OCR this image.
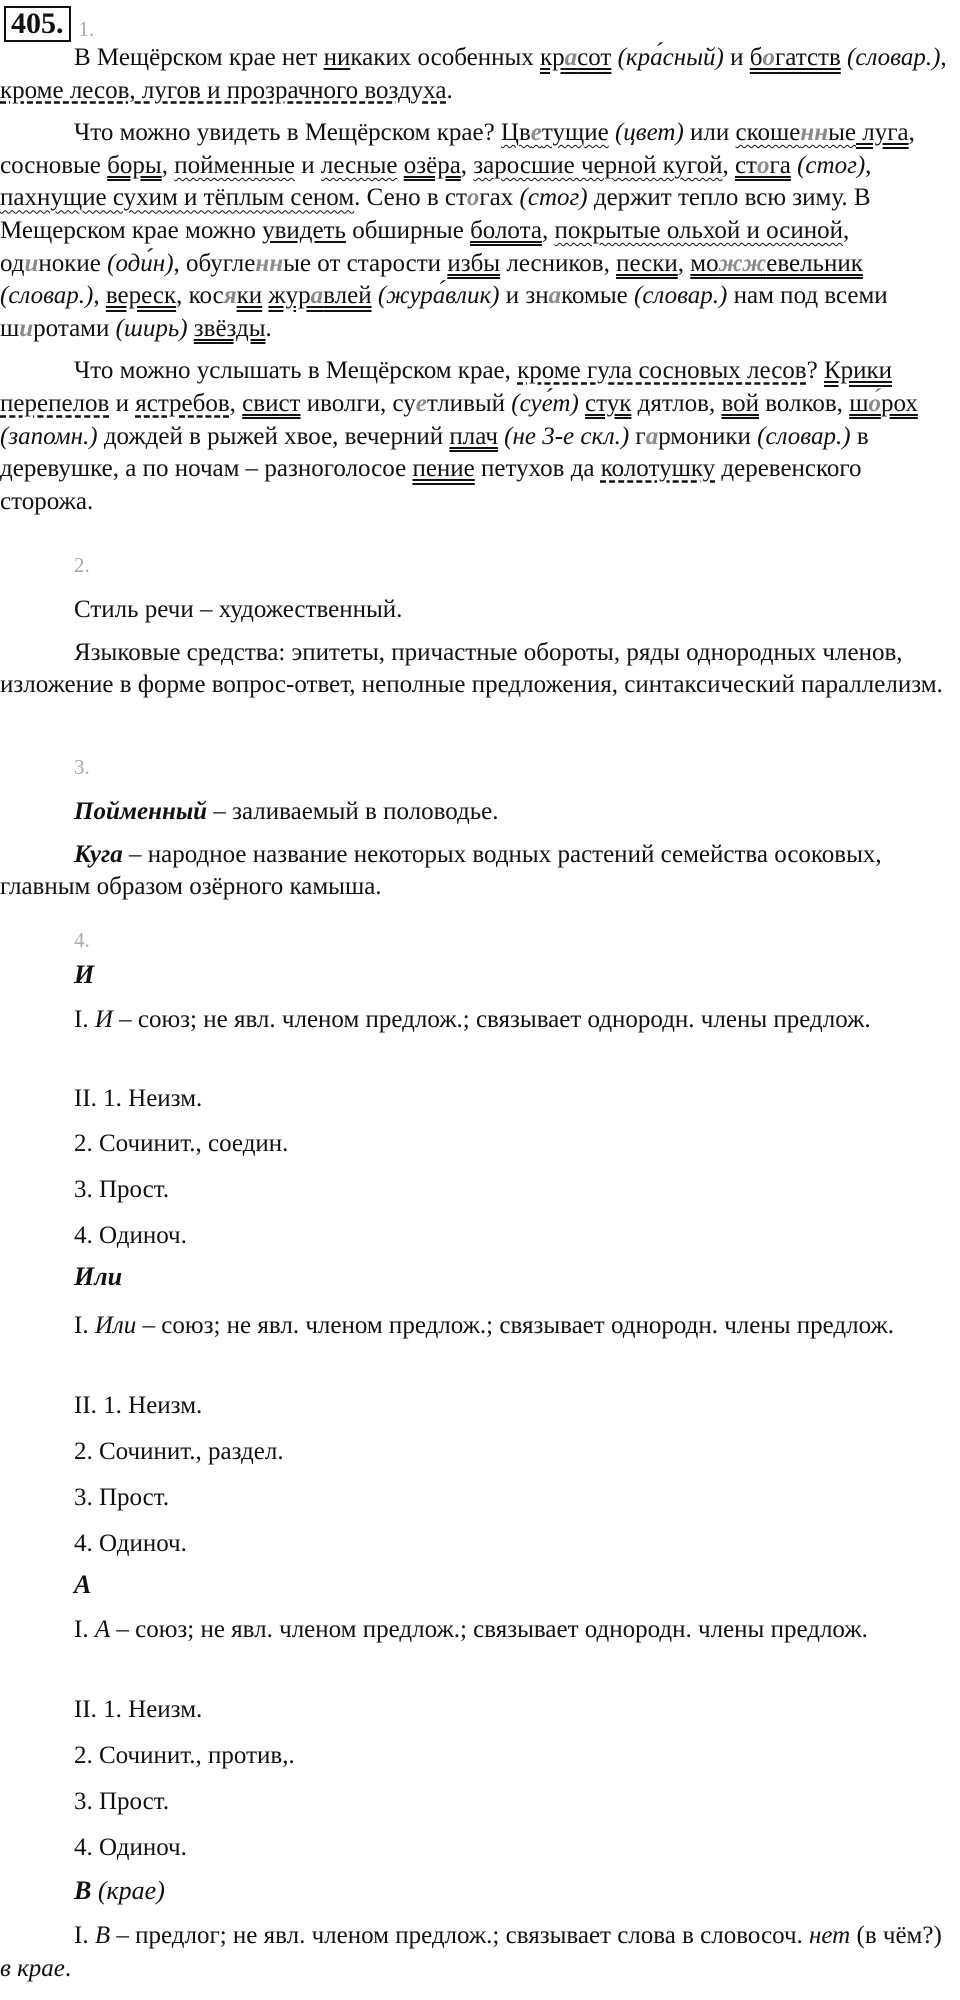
405. 1.

В Мещёрском крае нет никаких особенных красот (кра́сный) и богатств (словар.), кроме лесов, лугов и прозрачного воздуха.

Что можно увидеть в Мещёрском крае? Цветущие (цвет) или скошенные луга, сосновые боры, пойменные и лесные озёра, заросшие черной кугой, стога (стог), пахнущие сухим и тёплым сеном. Сено в стогах (стог) держит тепло всю зиму. В Мещерском крае можно увидеть обширные болота, покрытые ольхой и осиной, одинокие (оди́н), обугленные от старости избы лесников, пески, можжевельник (словар.), вереск, косяки журавлей (жура́влик) и знакомые (словар.) нам под всеми широтами (ширь) звёзды.

Что можно услышать в Мещёрском крае, кроме гула сосновых лесов? Крики перепелов и ястребов, свист иволги, суетливый (суе́т) стук дятлов, вой волков, шо́рох (запомн.) дождей в рыжей хвое, вечерний плач (не 3-е скл.) гармоники (словар.) в деревушке, а по ночам – разноголосое пение петухов да колотушку деревенского сторожа.

2.

Стиль речи – художественный.

Языковые средства: эпитеты, причастные обороты, ряды однородных членов, изложение в форме вопрос-ответ, неполные предложения, синтаксический параллелизм.

3.

Пойменный – заливаемый в половодье.

Куга – народное название некоторых водных растений семейства осоковых, главным образом озёрного камыша.

4.
И

I. И – союз; не явл. членом предлож.; связывает однородн. члены предлож.

II. 1. Неизм.

2. Сочинит., соедин.

3. Прост.

4. Одиноч.

Или

I. Или – союз; не явл. членом предлож.; связывает однородн. члены предлож.

II. 1. Неизм.

2. Сочинит., раздел.

3. Прост.

4. Одиноч.

А

I. А – союз; не явл. членом предлож.; связывает однородн. члены предлож.

II. 1. Неизм.

2. Сочинит., против,.

3. Прост.

4. Одиноч.

В (крае)

I. В – предлог; не явл. членом предлож.; связывает слова в словосоч. нет (в чём?) в крае.
